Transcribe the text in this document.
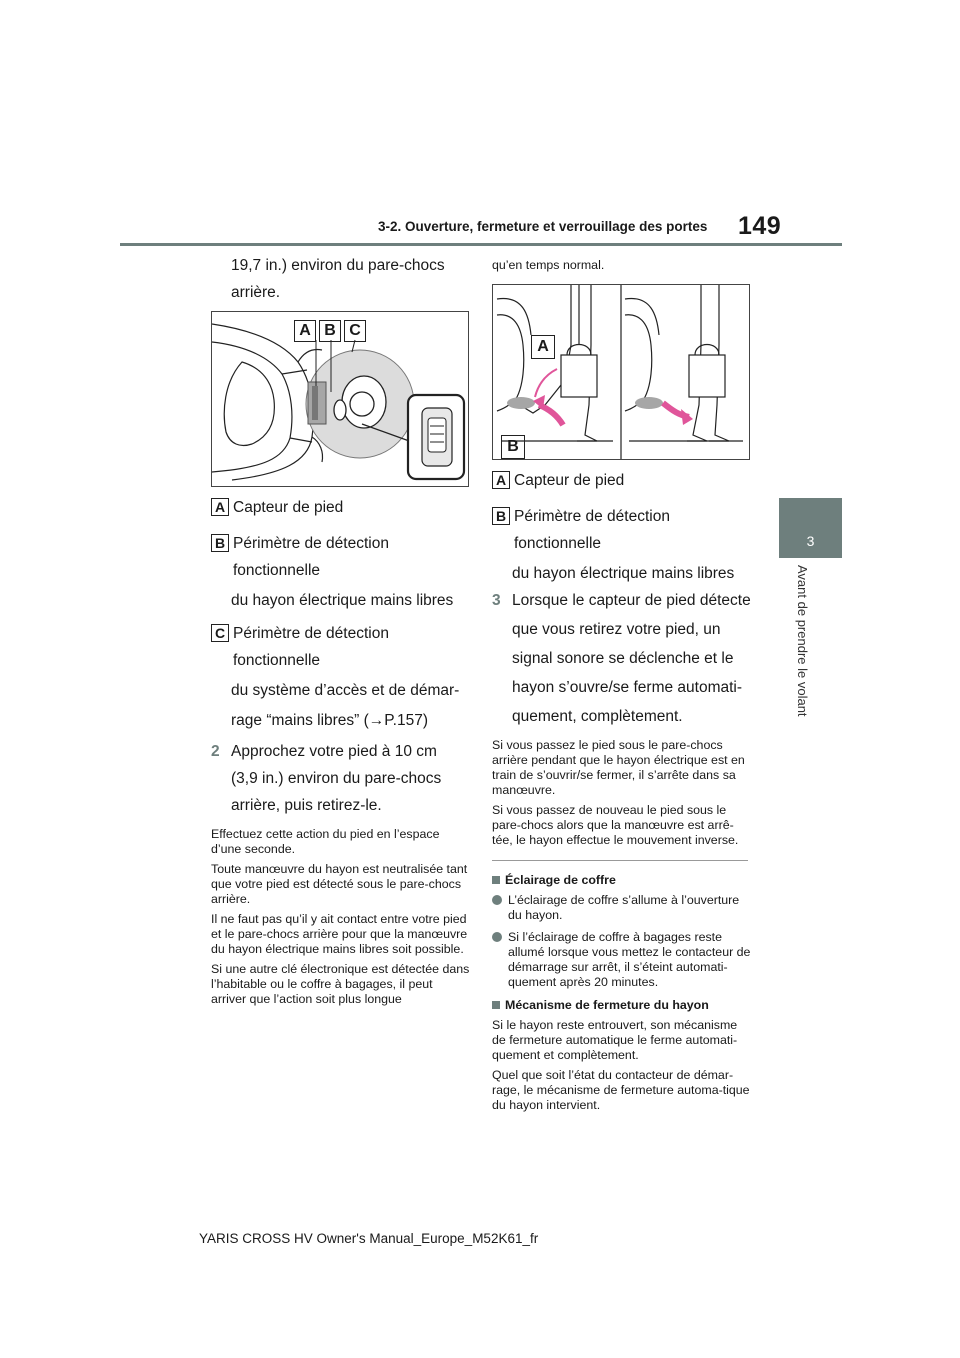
3-2. Ouverture, fermeture et verrouillage des portes 149
3
Avant de prendre le volant

19,7 in.) environ du pare-chocs

arrière.

A B C
A Capteur de pied
B Périmètre de détection fonctionnelle
du hayon électrique mains libres
C Périmètre de détection fonctionnelle
du système d’accès et de démar-
rage “mains libres” (→P.157)
2 Approchez votre pied à 10 cm
(3,9 in.) environ du pare-chocs
arrière, puis retirez-le.

Effectuez cette action du pied en l’espace d’une seconde.

Toute manœuvre du hayon est neutralisée tant que votre pied est détecté sous le pare-chocs arrière.

Il ne faut pas qu’il y ait contact entre votre pied et le pare-chocs arrière pour que la manœuvre du hayon électrique mains libres soit possible.

Si une autre clé électronique est détectée dans l’habitable ou le coffre à bagages, il peut arriver que l’action soit plus longue

qu’en temps normal.

A
B
A Capteur de pied
B Périmètre de détection fonctionnelle
du hayon électrique mains libres
3 Lorsque le capteur de pied détecte
que vous retirez votre pied, un
signal sonore se déclenche et le
hayon s’ouvre/se ferme automati-
quement, complètement.

Si vous passez le pied sous le pare-chocs arrière pendant que le hayon électrique est en train de s’ouvrir/se fermer, il s’arrête dans sa manœuvre.

Si vous passez de nouveau le pied sous le pare-chocs alors que la manœuvre est arrê-tée, le hayon effectue le mouvement inverse.

Éclairage de coffre
L’éclairage de coffre s’allume à l’ouverture du hayon.
Si l’éclairage de coffre à bagages reste allumé lorsque vous mettez le contacteur de démarrage sur arrêt, il s’éteint automati-quement après 20 minutes.
Mécanisme de fermeture du hayon

Si le hayon reste entrouvert, son mécanisme de fermeture automatique le ferme automati-quement et complètement.

Quel que soit l’état du contacteur de démar-rage, le mécanisme de fermeture automa-tique du hayon intervient.

YARIS CROSS HV Owner's Manual_Europe_M52K61_fr
